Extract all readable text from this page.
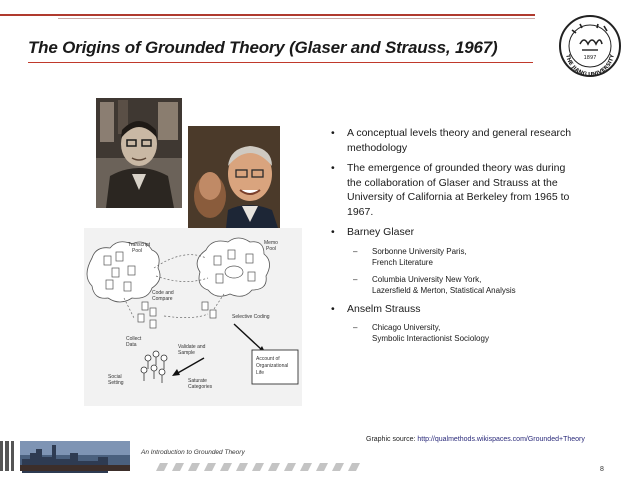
The Origins of Grounded Theory (Glaser and Strauss, 1967)
1897
THE JIANG UNIVERSITY
Transcript
Pool
Memo
Pool
Code and
Compare
Selective Coding
Collect
Data	Validate and
Sample
Saturate
Categories
Social
Setting
Account of
Organizational
Life
• A conceptual levels theory and general research methodology
• The emergence of grounded theory was during the collaboration of Glaser and Strauss at the University of California at Berkeley from 1965 to 1967.
• Barney Glaser
– Sorbonne University Paris,
French Literature
– Columbia University New York,
Lazersfield & Merton, Statistical Analysis
• Anselm Strauss
– Chicago University,
Symbolic Interactionist Sociology
Graphic source: http://qualmethods.wikispaces.com/Grounded+Theory
An Introduction to Grounded Theory
8
